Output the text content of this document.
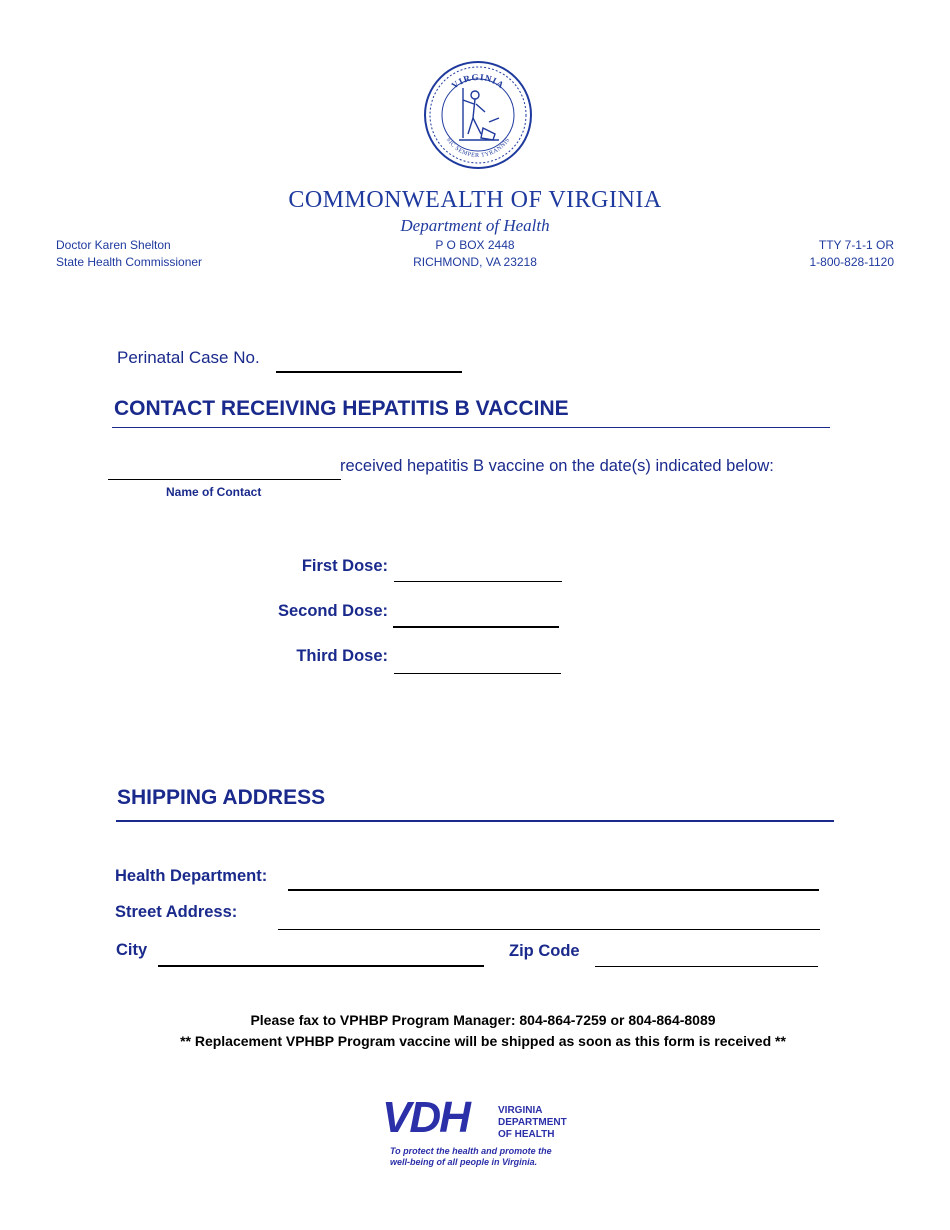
VIRGINIA
SIC SEMPER TYRANNIS
COMMONWEALTH OF VIRGINIA
Department of Health
Doctor Karen Shelton
State Health Commissioner
P O BOX 2448
RICHMOND, VA 23218
TTY 7-1-1 OR
1-800-828-1120
Perinatal Case No.
CONTACT RECEIVING HEPATITIS B VACCINE
received hepatitis B vaccine on the date(s) indicated below:
Name of Contact
First Dose:
Second Dose:
Third Dose:
SHIPPING ADDRESS
Health Department:
Street Address:
City	Zip Code
Please fax to VPHBP Program Manager: 804-864-7259 or 804-864-8089
** Replacement VPHBP Program vaccine will be shipped as soon as this form is received **
VDH	VIRGINIA
DEPARTMENT
OF HEALTH
To protect the health and promote the
well-being of all people in Virginia.
